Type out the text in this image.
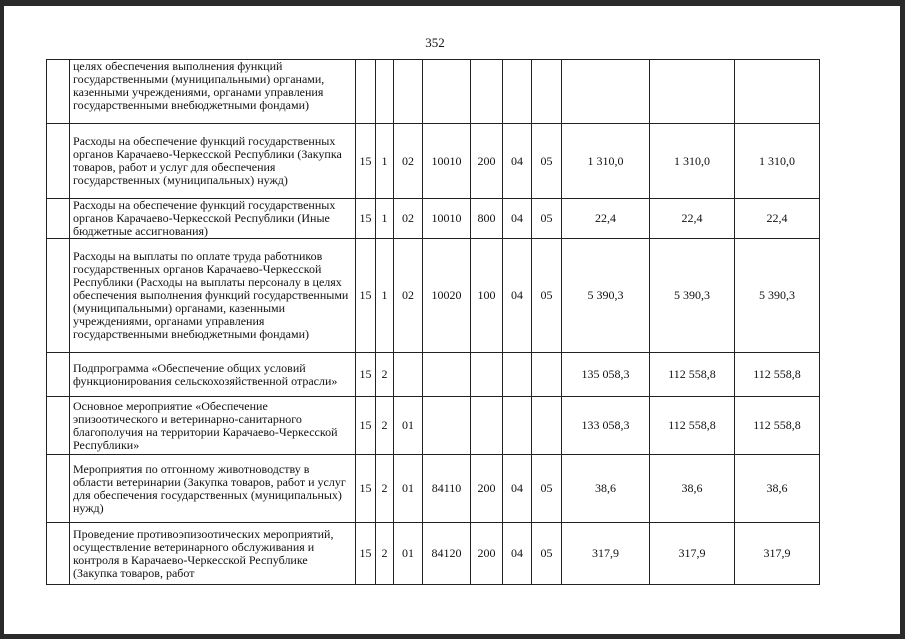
352
	целях обеспечения выполнения функций государственными (муниципальными) органами, казенными учреждениями, органами управления государственными внебюджетными фондами)										
	Расходы на обеспечение функций государственных органов Карачаево-Черкесской Республики (Закупка товаров, работ и услуг для обеспечения государственных (муниципальных) нужд)	15	1	02	10010	200	04	05	1 310,0	1 310,0	1 310,0
	Расходы на обеспечение функций государственных органов Карачаево-Черкесской Республики (Иные бюджетные ассигнования)	15	1	02	10010	800	04	05	22,4	22,4	22,4
	Расходы на выплаты по оплате труда работников государственных органов Карачаево-Черкесской Республики (Расходы на выплаты персоналу в целях обеспечения выполнения функций государственными (муниципальными) органами, казенными учреждениями, органами управления государственными внебюджетными фондами)	15	1	02	10020	100	04	05	5 390,3	5 390,3	5 390,3
	Подпрограмма «Обеспечение общих условий функционирования сельскохозяйственной отрасли»	15	2						135 058,3	112 558,8	112 558,8
	Основное мероприятие «Обеспечение эпизоотического и ветеринарно-санитарного благополучия на территории Карачаево-Черкесской Республики»	15	2	01					133 058,3	112 558,8	112 558,8
	Мероприятия по отгонному животноводству в области ветеринарии (Закупка товаров, работ и услуг для обеспечения государственных (муниципальных) нужд)	15	2	01	84110	200	04	05	38,6	38,6	38,6
	Проведение противоэпизоотических мероприятий, осуществление ветеринарного обслуживания и контроля в Карачаево-Черкесской Республике (Закупка товаров, работ	15	2	01	84120	200	04	05	317,9	317,9	317,9
